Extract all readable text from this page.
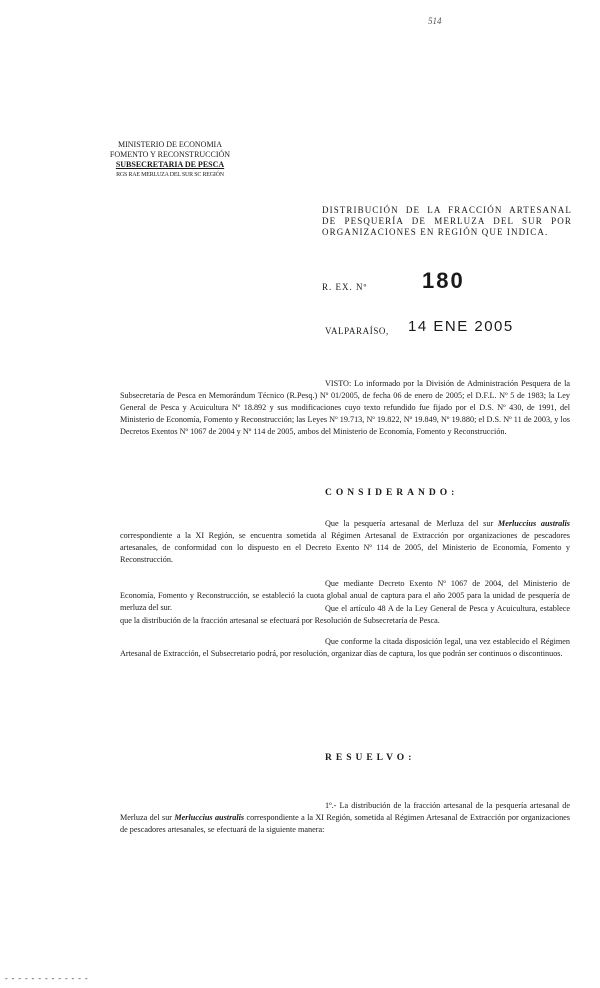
514
MINISTERIO DE ECONOMIA
FOMENTO Y RECONSTRUCCIÓN
SUBSECRETARIA DE PESCA
RGS RAE MERLUZA DEL SUR SC REGIÓN
DISTRIBUCIÓN DE LA FRACCIÓN ARTESANAL DE PESQUERÍA DE MERLUZA DEL SUR POR ORGANIZACIONES EN REGIÓN QUE INDICA.
R. EX. Nº 180
VALPARAÍSO, 14 ENE 2005
VISTO: Lo informado por la División de Administración Pesquera de la Subsecretaría de Pesca en Memorándum Técnico (R.Pesq.) Nº 01/2005, de fecha 06 de enero de 2005; el D.F.L. Nº 5 de 1983; la Ley General de Pesca y Acuicultura Nº 18.892 y sus modificaciones cuyo texto refundido fue fijado por el D.S. Nº 430, de 1991, del Ministerio de Economía, Fomento y Reconstrucción; las Leyes Nº 19.713, Nº 19.822, Nº 19.849, Nº 19.880; el D.S. Nº 11 de 2003, y los Decretos Exentos Nº 1067 de 2004 y Nº 114 de 2005, ambos del Ministerio de Economía, Fomento y Reconstrucción.
CONSIDERANDO:
Que la pesquería artesanal de Merluza del sur Merluccius australis correspondiente a la XI Región, se encuentra sometida al Régimen Artesanal de Extracción por organizaciones de pescadores artesanales, de conformidad con lo dispuesto en el Decreto Exento Nº 114 de 2005, del Ministerio de Economía, Fomento y Reconstrucción.
Que mediante Decreto Exento Nº 1067 de 2004, del Ministerio de Economía, Fomento y Reconstrucción, se estableció la cuota global anual de captura para el año 2005 para la unidad de pesquería de merluza del sur.	Que el artículo 48 A de la Ley General de Pesca y Acuicultura, establece que la distribución de la fracción artesanal se efectuará por Resolución de Subsecretaría de Pesca.
Que conforme la citada disposición legal, una vez establecido el Régimen Artesanal de Extracción, el Subsecretario podrá, por resolución, organizar días de captura, los que podrán ser continuos o discontinuos.
RESUELVO:
1º.- La distribución de la fracción artesanal de la pesquería artesanal de Merluza del sur Merluccius australis correspondiente a la XI Región, sometida al Régimen Artesanal de Extracción por organizaciones de pescadores artesanales, se efectuará de la siguiente manera:
- - - - - - - - - - - - -
